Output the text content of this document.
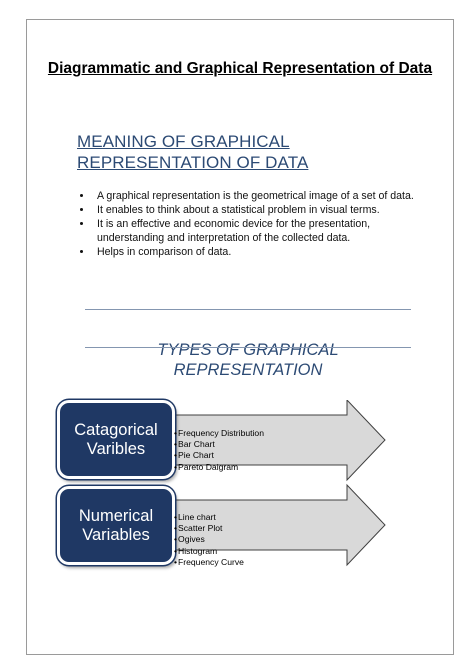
Diagrammatic and Graphical Representation of Data
MEANING OF GRAPHICAL REPRESENTATION OF DATA
• A graphical representation is the geometrical image of a set of data.
• It enables to think about a statistical problem in visual terms.
• It is an effective and economic device for the presentation, understanding and interpretation of the collected data.
• Helps in comparison of data.
TYPES OF GRAPHICAL REPRESENTATION
Catagorical Varibles
• Frequency Distribution
• Bar Chart
• Pie Chart
• Pareto Daigram
Numerical Variables
• Line chart
• Scatter Plot
• Ogives
• Histogram
• Frequency Curve
